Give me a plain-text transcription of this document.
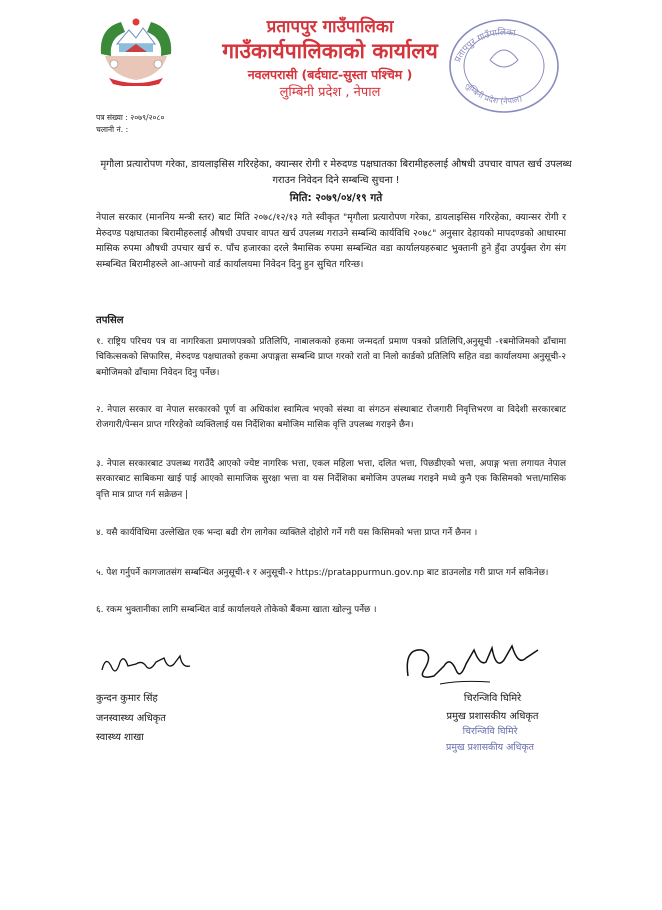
प्रतापपुर गाउँपालिका
गाउँकार्यपालिकाको कार्यालय
नवलपरासी (बर्दघाट-सुस्ता पश्चिम )
लुम्बिनी प्रदेश , नेपाल
प्रतापपुर गाउँपालिका
लुम्बिनी प्रदेश (नेपाल)
पत्र संख्या : २०७९/२०८०
चलानी नं. :
मृगौला प्रत्यारोपण गरेका, डायलाइसिस गरिरहेका, क्यान्सर रोगी र मेरुदण्ड पक्षघातका बिरामीहरुलाई औषधी उपचार वापत खर्च उपलब्ध गराउन निवेदन दिने सम्बन्धि सुचना !
मिति: २०७९/०४/१९ गते
नेपाल सरकार (माननिय मन्त्री स्तर) बाट मिति २०७८/१२/१३ गते स्वीकृत "मृगौला प्रत्यारोपण गरेका, डायलाइसिस गरिरहेका, क्यान्सर रोगी र मेरुदण्ड पक्षघातका बिरामीहरुलाई औषधी उपचार वापत खर्च उपलब्ध गराउने सम्बन्धि कार्यविधि २०७८" अनुसार देहायको मापदण्डको आधारमा मासिक रुपमा औषधी उपचार खर्च रु. पाँच हजारका दरले त्रैमासिक रुपमा सम्बन्धित वडा कार्यालयहरुबाट भुक्तानी हुने हुँदा उपर्युक्त रोग संग सम्बन्धित बिरामीहरुले आ-आफ्नो वार्ड कार्यालयमा निवेदन दिनु हुन सुचित गरिन्छ।
तपसिल
१. राष्ट्रिय परिचय पत्र वा नागरिकता प्रमाणपत्रको प्रतिलिपि, नाबालकको हकमा जन्मदर्ता प्रमाण पत्रको प्रतिलिपि,अनुसूची -१बमोजिमको ढाँचामा चिकित्सकको सिफारिस, मेरुदण्ड पक्षघातको हकमा अपाङ्गता सम्बन्धि प्राप्त गरको रातो वा निलो कार्डको प्रतिलिपि सहित वडा कार्यालयमा अनुसूची-२ बमोजिमको ढाँचामा निवेदन दिनु पर्नेछ।
२. नेपाल सरकार वा नेपाल सरकारको पूर्ण वा अधिकांश स्वामित्व भएको संस्था वा संगठन संस्थाबाट रोजगारी निवृत्तिभरण वा विदेशी सरकारबाट रोजगारी/पेन्सन प्राप्त गरिरहेको व्यक्तिलाई यस निर्देशिका बमोजिम मासिक वृत्ति उपलब्ध गराइने छैन।
३. नेपाल सरकारबाट उपलब्ध गराउँदै आएको ज्येष्ट नागरिक भत्ता, एकल महिला भत्ता, दलित भत्ता, पिछडीएको भत्ता, अपाङ्ग भत्ता लगायत नेपाल सरकारबाट साबिकमा खाई पाई आएको सामाजिक सुरक्षा भत्ता वा यस निर्देशिका बमोजिम उपलब्ध गराइने मध्ये कुनै एक किसिमको भत्ता/मासिक वृत्ति मात्र प्राप्त गर्न सक्रेछन |
४. यसै कार्यविधिमा उल्लेखित एक भन्दा बढी रोग लागेका व्यक्तिले दोहोरो गर्ने गरी यस किसिमको भत्ता प्राप्त गर्ने छैनन ।
५. पेश गर्नुपर्ने कागजातसंग सम्बन्धित अनुसूची-१ र अनुसूची-२ https://pratappurmun.gov.np बाट डाउनलोड गरी प्राप्त गर्न सकिनेछ।
६. रकम भुक्तानीका लागि सम्बन्धित वार्ड कार्यालयले तोकेको बैंकमा खाता खोल्नु पर्नेछ ।
कुन्दन कुमार सिंह
जनस्वास्थ्य अधिकृत
स्वास्थ्य शाखा
चिरन्जिवि घिमिरे
प्रमुख प्रशासकीय अधिकृत
चिरन्जिवि घिमिरे
प्रमुख प्रशासकीय अधिकृत
